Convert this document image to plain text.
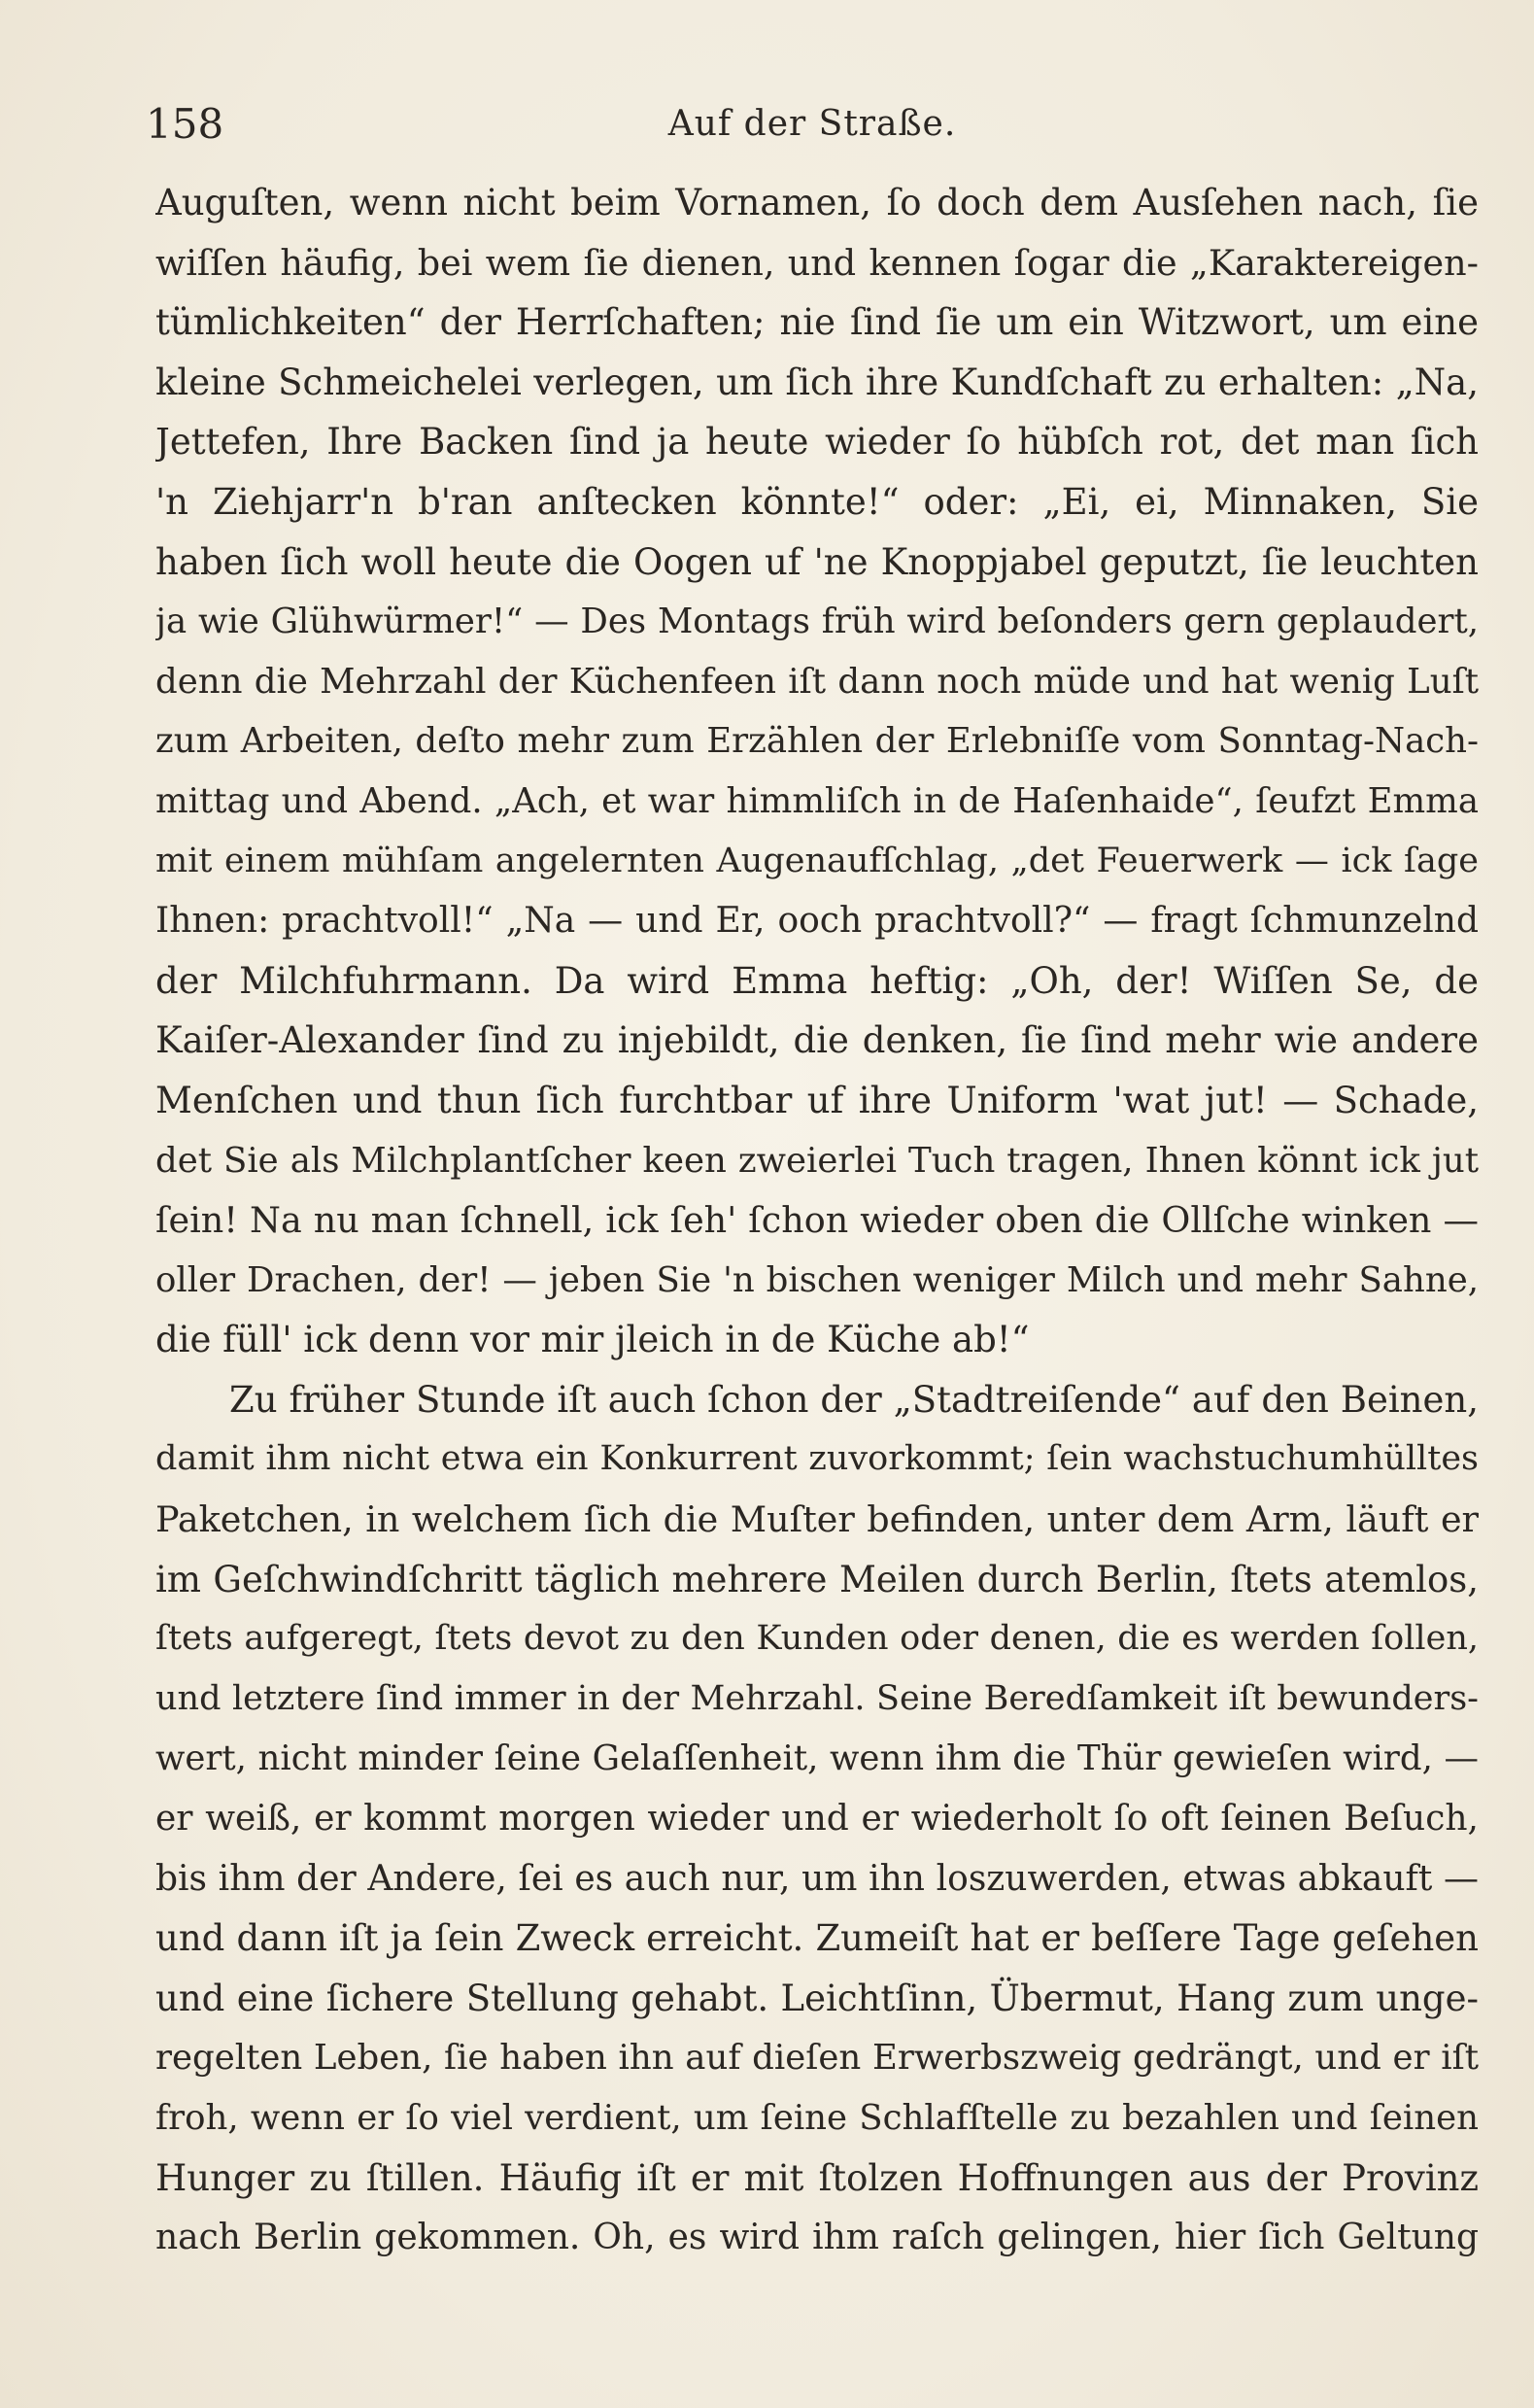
158	Auf der Straße.
Auguſten, wenn nicht beim Vornamen, ſo doch dem Ausſehen nach, ſie
wiſſen häufig, bei wem ſie dienen, und kennen ſogar die „Karaktereigen-
tümlichkeiten“ der Herrſchaften; nie ſind ſie um ein Witzwort, um eine
kleine Schmeichelei verlegen, um ſich ihre Kundſchaft zu erhalten: „Na,
Jettefen, Ihre Backen ſind ja heute wieder ſo hübſch rot, det man ſich
'n Ziehjarr'n b'ran anſtecken könnte!“ oder: „Ei, ei, Minnaken, Sie
haben ſich woll heute die Oogen uf 'ne Knoppjabel geputzt, ſie leuchten
ja wie Glühwürmer!“ — Des Montags früh wird beſonders gern geplaudert,
denn die Mehrzahl der Küchenfeen iſt dann noch müde und hat wenig Luſt
zum Arbeiten, deſto mehr zum Erzählen der Erlebniſſe vom Sonntag-Nach-
mittag und Abend. „Ach, et war himmliſch in de Haſenhaide“, ſeufzt Emma
mit einem mühſam angelernten Augenaufſchlag, „det Feuerwerk — ick ſage
Ihnen: prachtvoll!“ „Na — und Er, ooch prachtvoll?“ — fragt ſchmunzelnd
der Milchfuhrmann. Da wird Emma heftig: „Oh, der! Wiſſen Se, de
Kaiſer-Alexander ſind zu injebildt, die denken, ſie ſind mehr wie andere
Menſchen und thun ſich furchtbar uf ihre Uniform 'wat jut! — Schade,
det Sie als Milchplantſcher keen zweierlei Tuch tragen, Ihnen könnt ick jut
ſein! Na nu man ſchnell, ick ſeh' ſchon wieder oben die Ollſche winken —
oller Drachen, der! — jeben Sie 'n bischen weniger Milch und mehr Sahne,
die füll' ick denn vor mir jleich in de Küche ab!“
Zu früher Stunde iſt auch ſchon der „Stadtreiſende“ auf den Beinen,
damit ihm nicht etwa ein Konkurrent zuvorkommt; ſein wachstuchumhülltes
Paketchen, in welchem ſich die Muſter befinden, unter dem Arm, läuft er
im Geſchwindſchritt täglich mehrere Meilen durch Berlin, ſtets atemlos,
ſtets aufgeregt, ſtets devot zu den Kunden oder denen, die es werden ſollen,
und letztere ſind immer in der Mehrzahl. Seine Beredſamkeit iſt bewunders-
wert, nicht minder ſeine Gelaſſenheit, wenn ihm die Thür gewieſen wird, —
er weiß, er kommt morgen wieder und er wiederholt ſo oft ſeinen Beſuch,
bis ihm der Andere, ſei es auch nur, um ihn loszuwerden, etwas abkauft —
und dann iſt ja ſein Zweck erreicht. Zumeiſt hat er beſſere Tage geſehen
und eine ſichere Stellung gehabt. Leichtſinn, Übermut, Hang zum unge-
regelten Leben, ſie haben ihn auf dieſen Erwerbszweig gedrängt, und er iſt
froh, wenn er ſo viel verdient, um ſeine Schlafſtelle zu bezahlen und ſeinen
Hunger zu ſtillen. Häufig iſt er mit ſtolzen Hoffnungen aus der Provinz
nach Berlin gekommen. Oh, es wird ihm raſch gelingen, hier ſich Geltung
